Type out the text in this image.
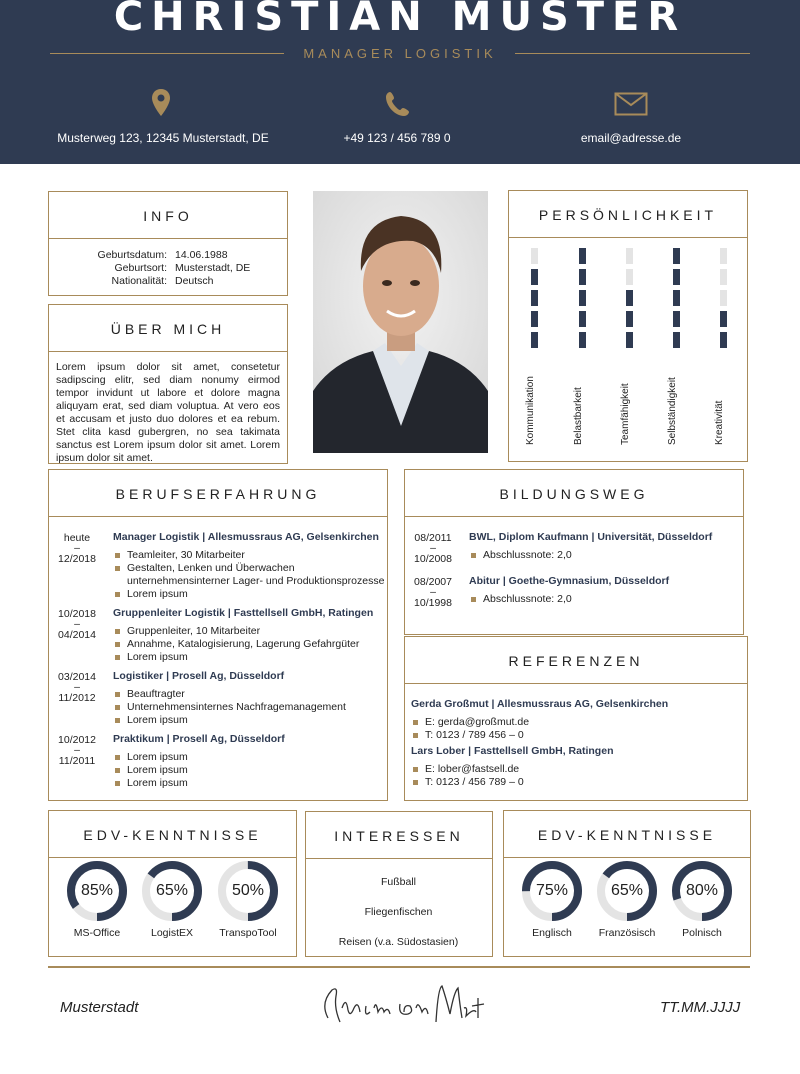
CHRISTIAN MUSTER
MANAGER LOGISTIK
Musterweg 123, 12345 Musterstadt, DE	+49 123 / 456 789 0	email@adresse.de
INFO
Geburtsdatum: 14.06.1988
Geburtsort: Musterstadt, DE
Nationalität: Deutsch
ÜBER MICH
Lorem ipsum dolor sit amet, consetetur sadipscing elitr, sed diam nonumy eirmod tempor invidunt ut labore et dolore magna aliquyam erat, sed diam voluptua. At vero eos et accusam et justo duo dolores et ea rebum. Stet clita kasd gubergren, no sea takimata sanctus est Lorem ipsum dolor sit amet. Lorem ipsum dolor sit amet.
PERSÖNLICHKEIT
Kommunikation	Belastbarkeit	Teamfähigkeit	Selbständigkeit	Kreativität
BERUFSERFAHRUNG
heute
–
12/2018
Manager Logistik | Allesmussraus AG, Gelsenkirchen
Teamleiter, 30 Mitarbeiter
Gestalten, Lenken und Überwachen
unternehmensinterner Lager- und Produktionsprozesse
Lorem ipsum
10/2018
–
04/2014
Gruppenleiter Logistik | Fasttellsell GmbH, Ratingen
Gruppenleiter, 10 Mitarbeiter
Annahme, Katalogisierung, Lagerung Gefahrgüter
Lorem ipsum
03/2014
–
11/2012
Logistiker | Prosell Ag, Düsseldorf
Beauftragter
Unternehmensinternes Nachfragemanagement
Lorem ipsum
10/2012
–
11/2011
Praktikum | Prosell Ag, Düsseldorf
Lorem ipsum
Lorem ipsum
Lorem ipsum
BILDUNGSWEG
08/2011
–
10/2008
BWL, Diplom Kaufmann | Universität, Düsseldorf
Abschlussnote: 2,0
08/2007
–
10/1998
Abitur | Goethe-Gymnasium, Düsseldorf
Abschlussnote: 2,0
REFERENZEN
Gerda Großmut | Allesmussraus AG, Gelsenkirchen
E: gerda@großmut.de
T: 0123 / 789 456 – 0
Lars Lober | Fasttellsell GmbH, Ratingen
E: lober@fastsell.de
T: 0123 / 456 789 – 0
EDV-KENNTNISSE
85%
MS-Office
65%
LogistEX
50%
TranspoTool
INTERESSEN
Fußball
Fliegenfischen
Reisen (v.a. Südostasien)
EDV-KENNTNISSE
75%
Englisch
65%
Französisch
80%
Polnisch
Musterstadt	TT.MM.JJJJ
